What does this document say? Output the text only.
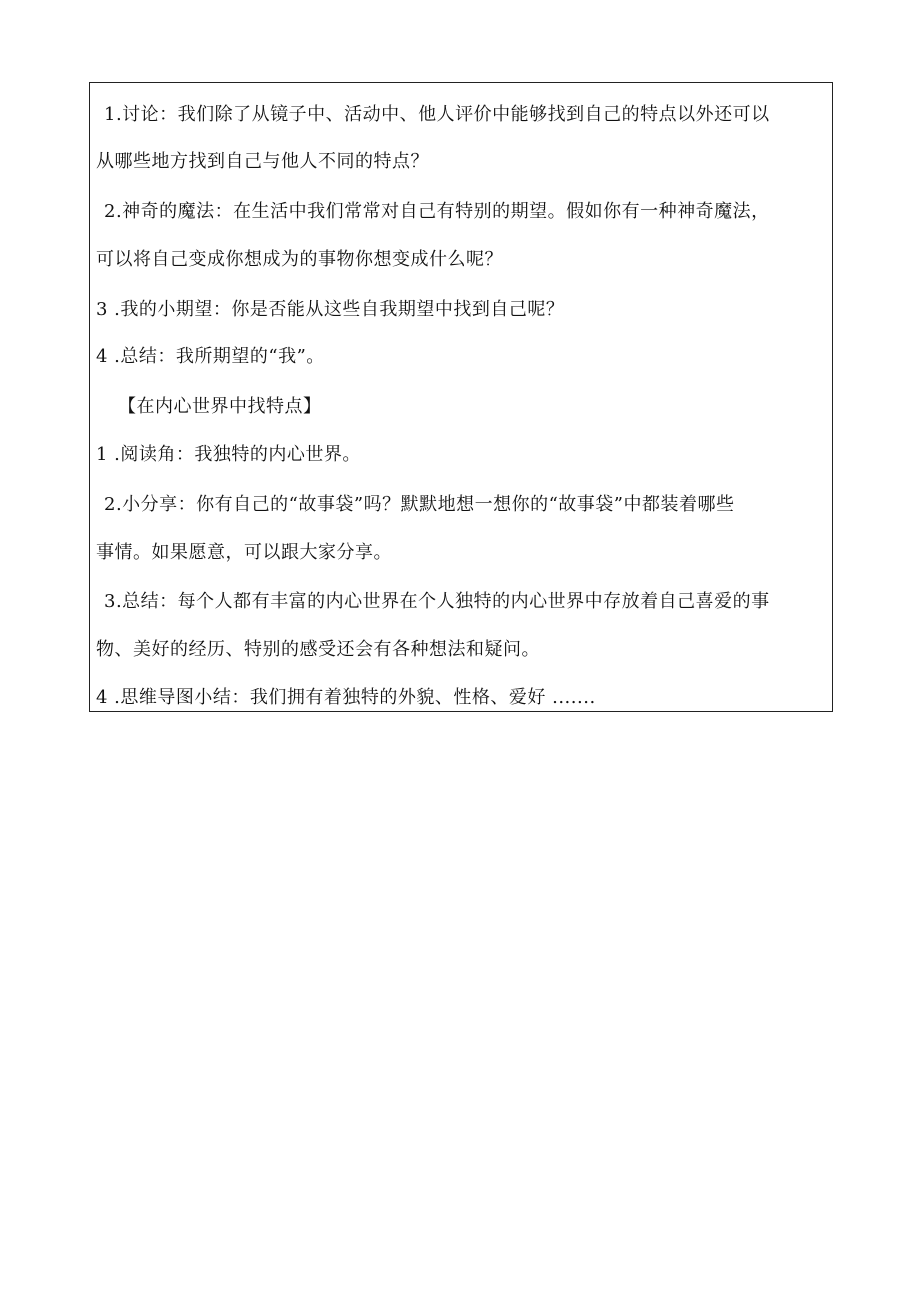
1.讨论：我们除了从镜子中、活动中、他人评价中能够找到自己的特点以外还可以
从哪些地方找到自己与他人不同的特点？
2.神奇的魔法：在生活中我们常常对自己有特别的期望。假如你有一种神奇魔法，
可以将自己变成你想成为的事物你想变成什么呢？
3 .我的小期望：你是否能从这些自我期望中找到自己呢？
4 .总结：我所期望的“我”。
【在内心世界中找特点】
1 .阅读角：我独特的内心世界。
2.小分享：你有自己的“故事袋”吗？默默地想一想你的“故事袋”中都装着哪些
事情。如果愿意，可以跟大家分享。
3.总结：每个人都有丰富的内心世界在个人独特的内心世界中存放着自己喜爱的事
物、美好的经历、特别的感受还会有各种想法和疑问。
4 .思维导图小结：我们拥有着独特的外貌、性格、爱好 .......
